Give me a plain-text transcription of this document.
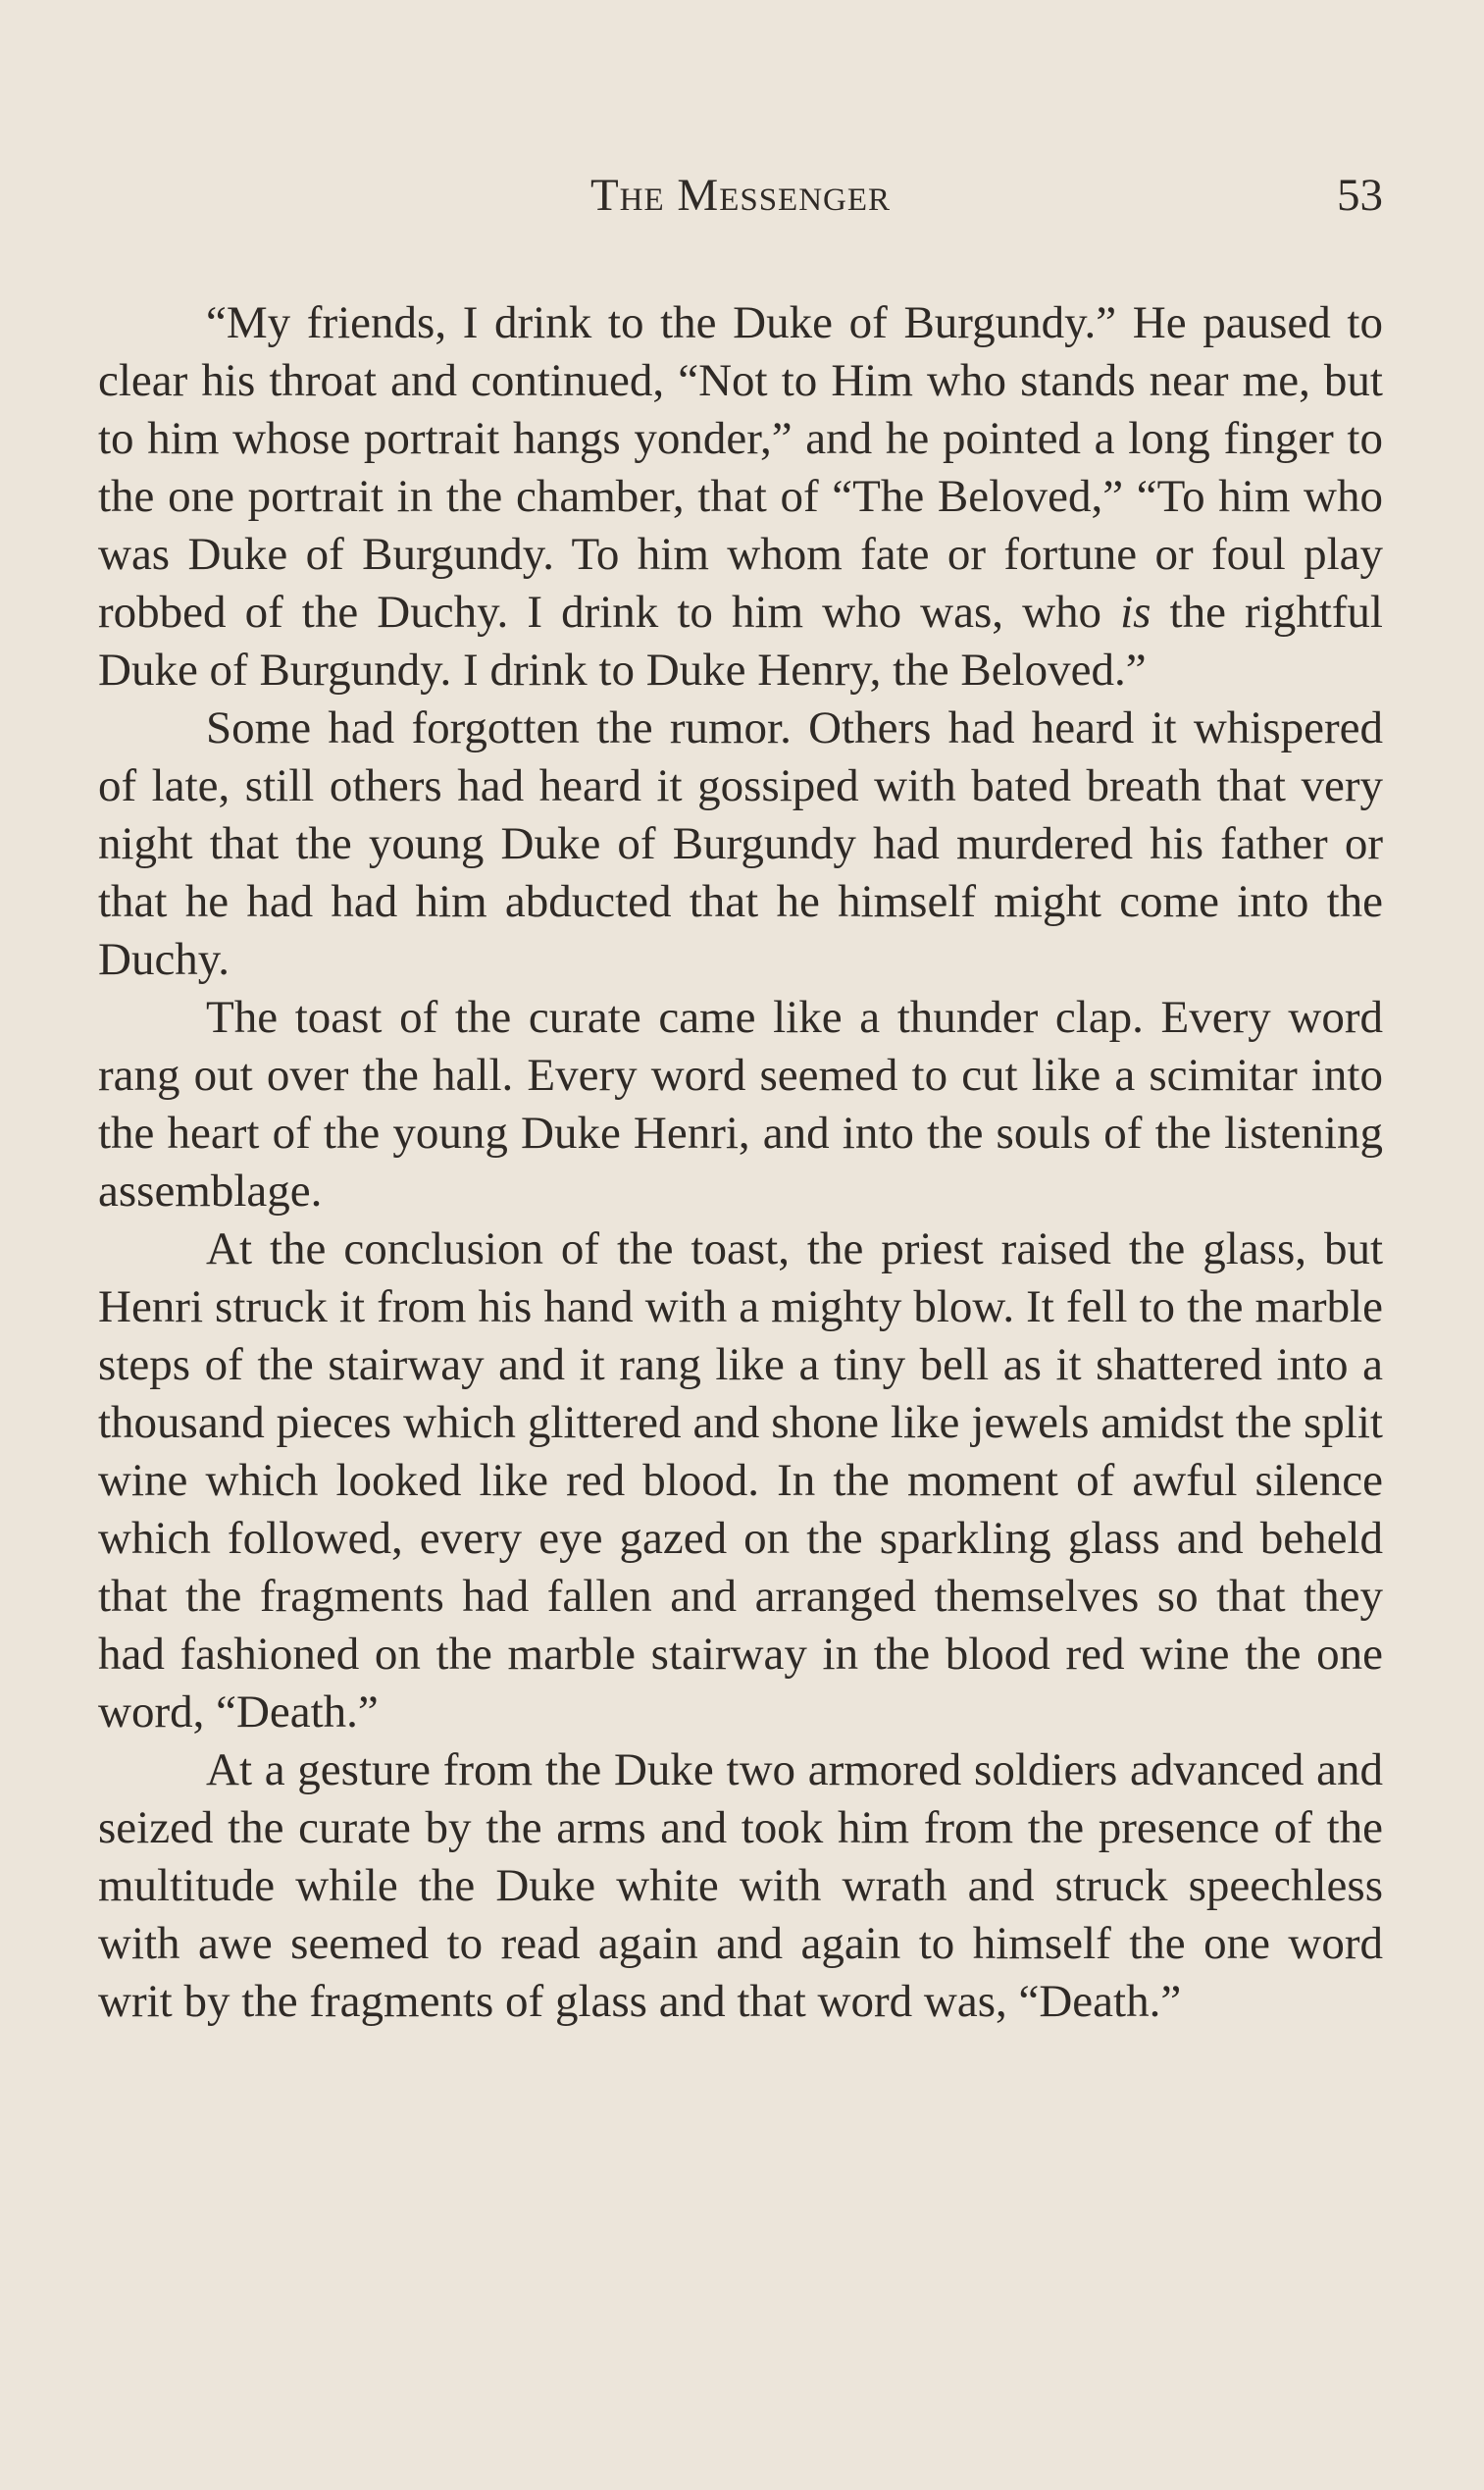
The Messenger	53

“My friends, I drink to the Duke of Burgundy.” He paused to clear his throat and continued, “Not to Him who stands near me, but to him whose portrait hangs yonder,” and he pointed a long finger to the one portrait in the chamber, that of “The Beloved,” “To him who was Duke of Burgundy. To him whom fate or fortune or foul play robbed of the Duchy. I drink to him who was, who is the rightful Duke of Burgundy. I drink to Duke Henry, the Beloved.”

Some had forgotten the rumor. Others had heard it whispered of late, still others had heard it gossiped with bated breath that very night that the young Duke of Burgundy had murdered his father or that he had had him abducted that he himself might come into the Duchy.

The toast of the curate came like a thunder clap. Every word rang out over the hall. Every word seemed to cut like a scimitar into the heart of the young Duke Henri, and into the souls of the listening assemblage.

At the conclusion of the toast, the priest raised the glass, but Henri struck it from his hand with a mighty blow. It fell to the marble steps of the stairway and it rang like a tiny bell as it shattered into a thousand pieces which glittered and shone like jewels amidst the split wine which looked like red blood. In the moment of awful silence which followed, every eye gazed on the sparkling glass and beheld that the fragments had fallen and arranged themselves so that they had fashioned on the marble stairway in the blood red wine the one word, “Death.”

At a gesture from the Duke two armored soldiers advanced and seized the curate by the arms and took him from the presence of the multitude while the Duke white with wrath and struck speechless with awe seemed to read again and again to himself the one word writ by the fragments of glass and that word was, “Death.”
